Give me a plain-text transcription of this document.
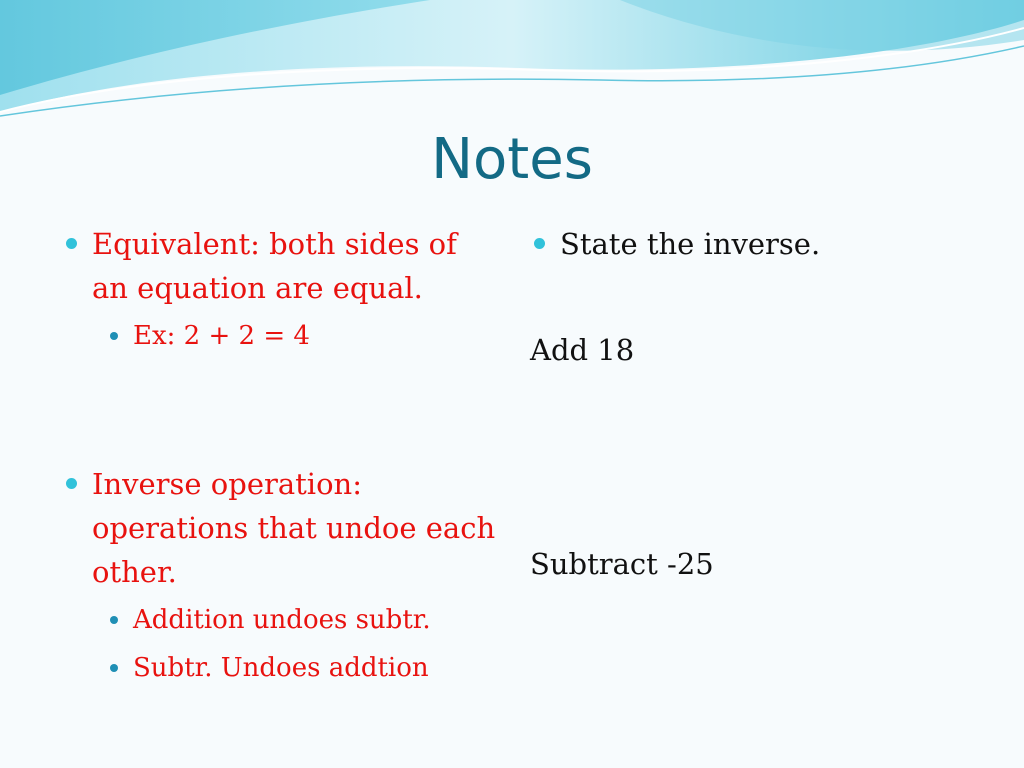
Notes
Equivalent: both sides of an equation are equal.
Ex: 2 + 2 = 4
Inverse operation: operations that undoe each other.
Addition undoes subtr.
Subtr. Undoes addtion
State the inverse.
Add 18
Subtract -25
